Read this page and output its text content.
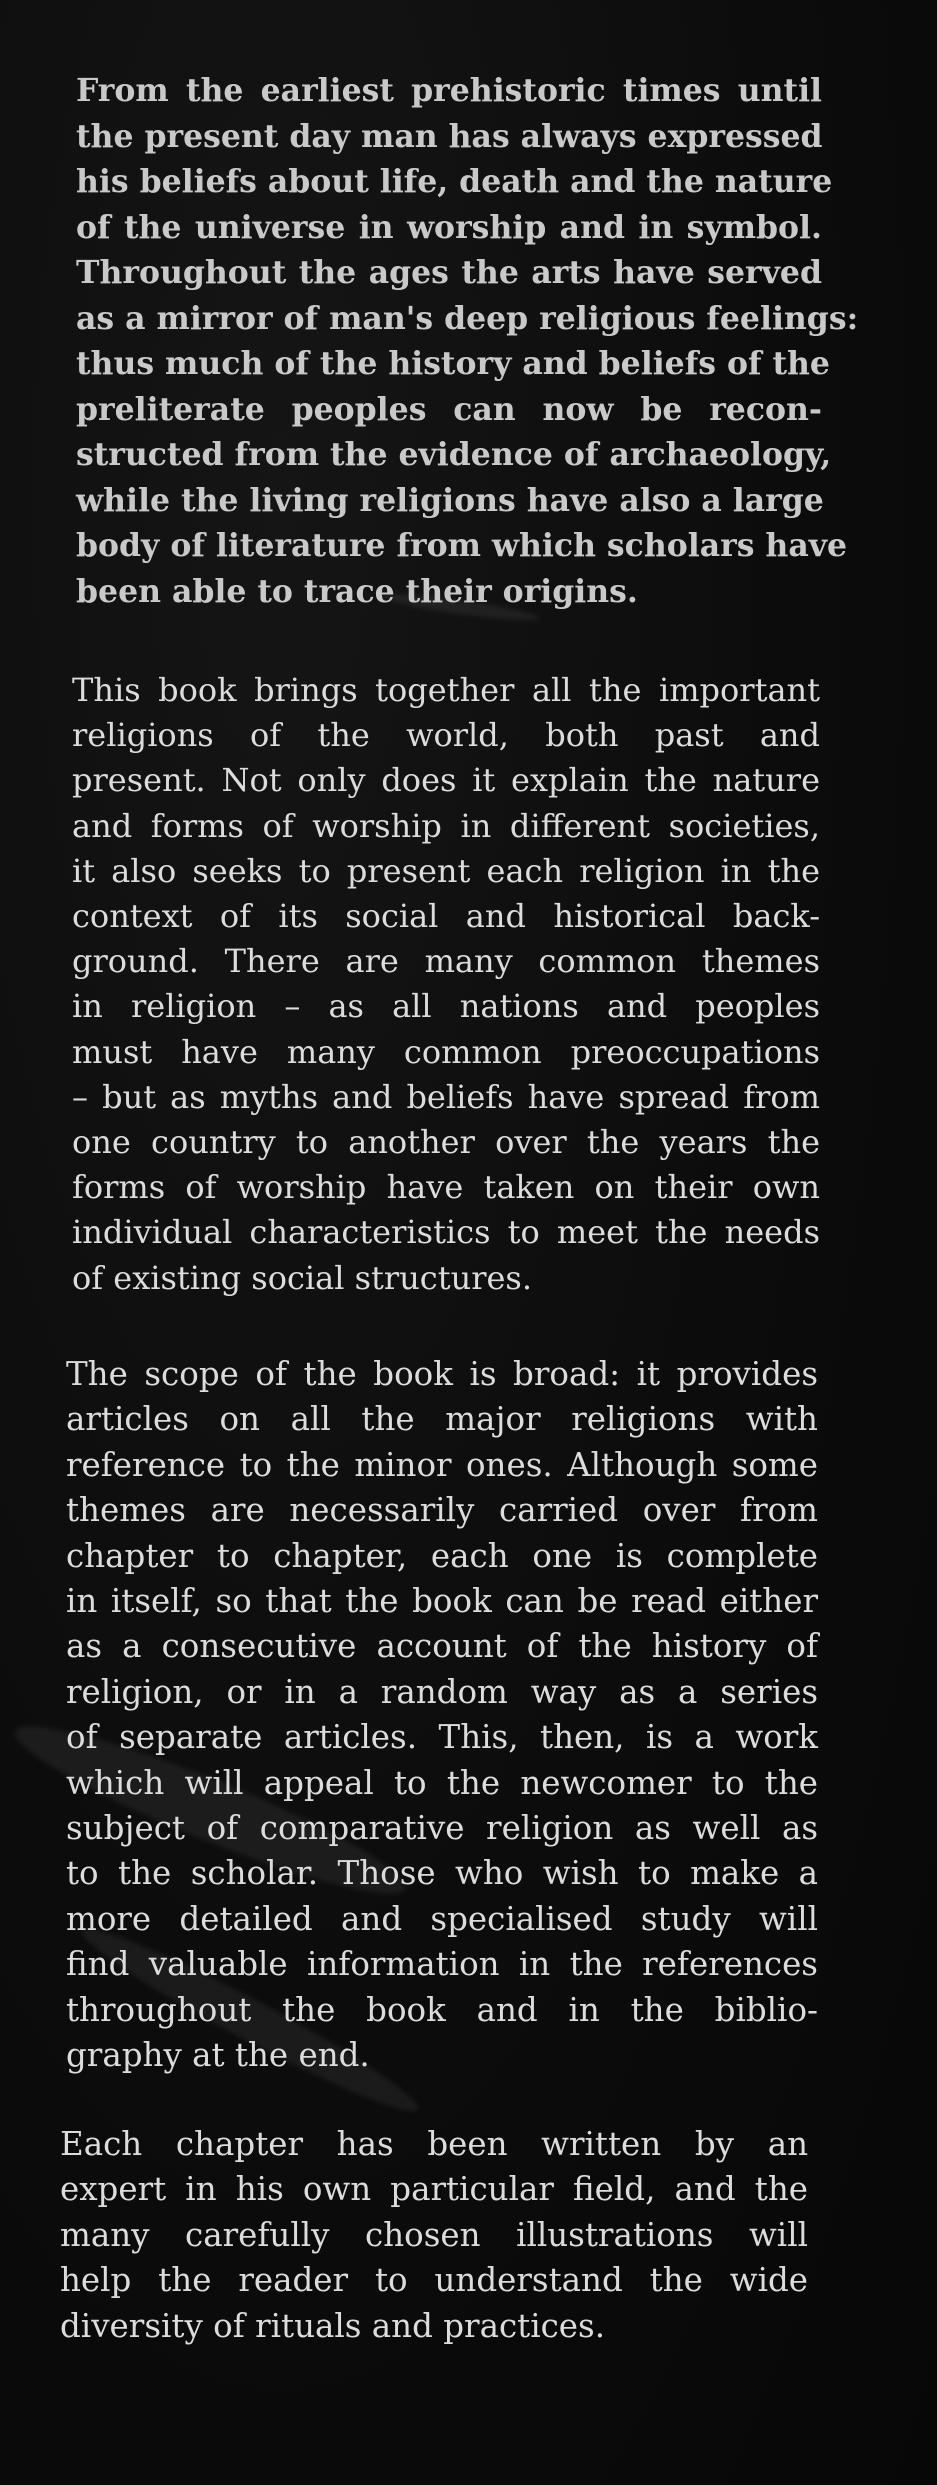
From the earliest prehistoric times until
the present day man has always expressed
his beliefs about life, death and the nature
of the universe in worship and in symbol.
Throughout the ages the arts have served
as a mirror of man's deep religious feelings:
thus much of the history and beliefs of the
preliterate peoples can now be recon-
structed from the evidence of archaeology,
while the living religions have also a large
body of literature from which scholars have
been able to trace their origins.

This book brings together all the important
religions of the world, both past and
present. Not only does it explain the nature
and forms of worship in different societies,
it also seeks to present each religion in the
context of its social and historical back-
ground. There are many common themes
in religion – as all nations and peoples
must have many common preoccupations
– but as myths and beliefs have spread from
one country to another over the years the
forms of worship have taken on their own
individual characteristics to meet the needs
of existing social structures.

The scope of the book is broad: it provides
articles on all the major religions with
reference to the minor ones. Although some
themes are necessarily carried over from
chapter to chapter, each one is complete
in itself, so that the book can be read either
as a consecutive account of the history of
religion, or in a random way as a series
of separate articles. This, then, is a work
which will appeal to the newcomer to the
subject of comparative religion as well as
to the scholar. Those who wish to make a
more detailed and specialised study will
find valuable information in the references
throughout the book and in the biblio-
graphy at the end.

Each chapter has been written by an
expert in his own particular field, and the
many carefully chosen illustrations will
help the reader to understand the wide
diversity of rituals and practices.
